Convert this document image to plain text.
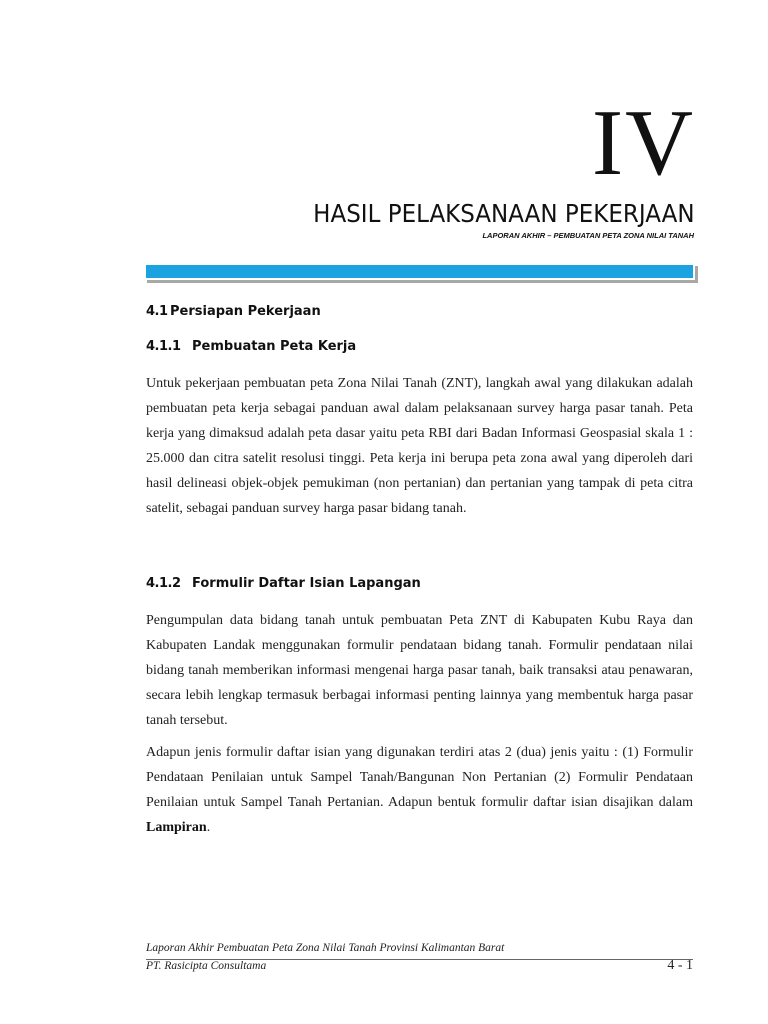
IV
HASIL PELAKSANAAN PEKERJAAN
LAPORAN AKHIR – PEMBUATAN PETA ZONA NILAI TANAH
4.1 Persiapan Pekerjaan
4.1.1 Pembuatan Peta Kerja

Untuk pekerjaan pembuatan peta Zona Nilai Tanah (ZNT), langkah awal yang dilakukan adalah pembuatan peta kerja sebagai panduan awal dalam pelaksanaan survey harga pasar tanah. Peta kerja yang dimaksud adalah peta dasar yaitu peta RBI dari Badan Informasi Geospasial skala 1 : 25.000 dan citra satelit resolusi tinggi. Peta kerja ini berupa peta zona awal yang diperoleh dari hasil delineasi objek-objek pemukiman (non pertanian) dan pertanian yang tampak di peta citra satelit, sebagai panduan survey harga pasar bidang tanah.

4.1.2 Formulir Daftar Isian Lapangan

Pengumpulan data bidang tanah untuk pembuatan Peta ZNT di Kabupaten Kubu Raya dan Kabupaten Landak menggunakan formulir pendataan bidang tanah. Formulir pendataan nilai bidang tanah memberikan informasi mengenai harga pasar tanah, baik transaksi atau penawaran, secara lebih lengkap termasuk berbagai informasi penting lainnya yang membentuk harga pasar tanah tersebut.

Adapun jenis formulir daftar isian yang digunakan terdiri atas 2 (dua) jenis yaitu : (1) Formulir Pendataan Penilaian untuk Sampel Tanah/Bangunan Non Pertanian (2) Formulir Pendataan Penilaian untuk Sampel Tanah Pertanian. Adapun bentuk formulir daftar isian disajikan dalam Lampiran.

Laporan Akhir Pembuatan Peta Zona Nilai Tanah Provinsi Kalimantan Barat
PT. Rasicipta Consultama	4 - 1
